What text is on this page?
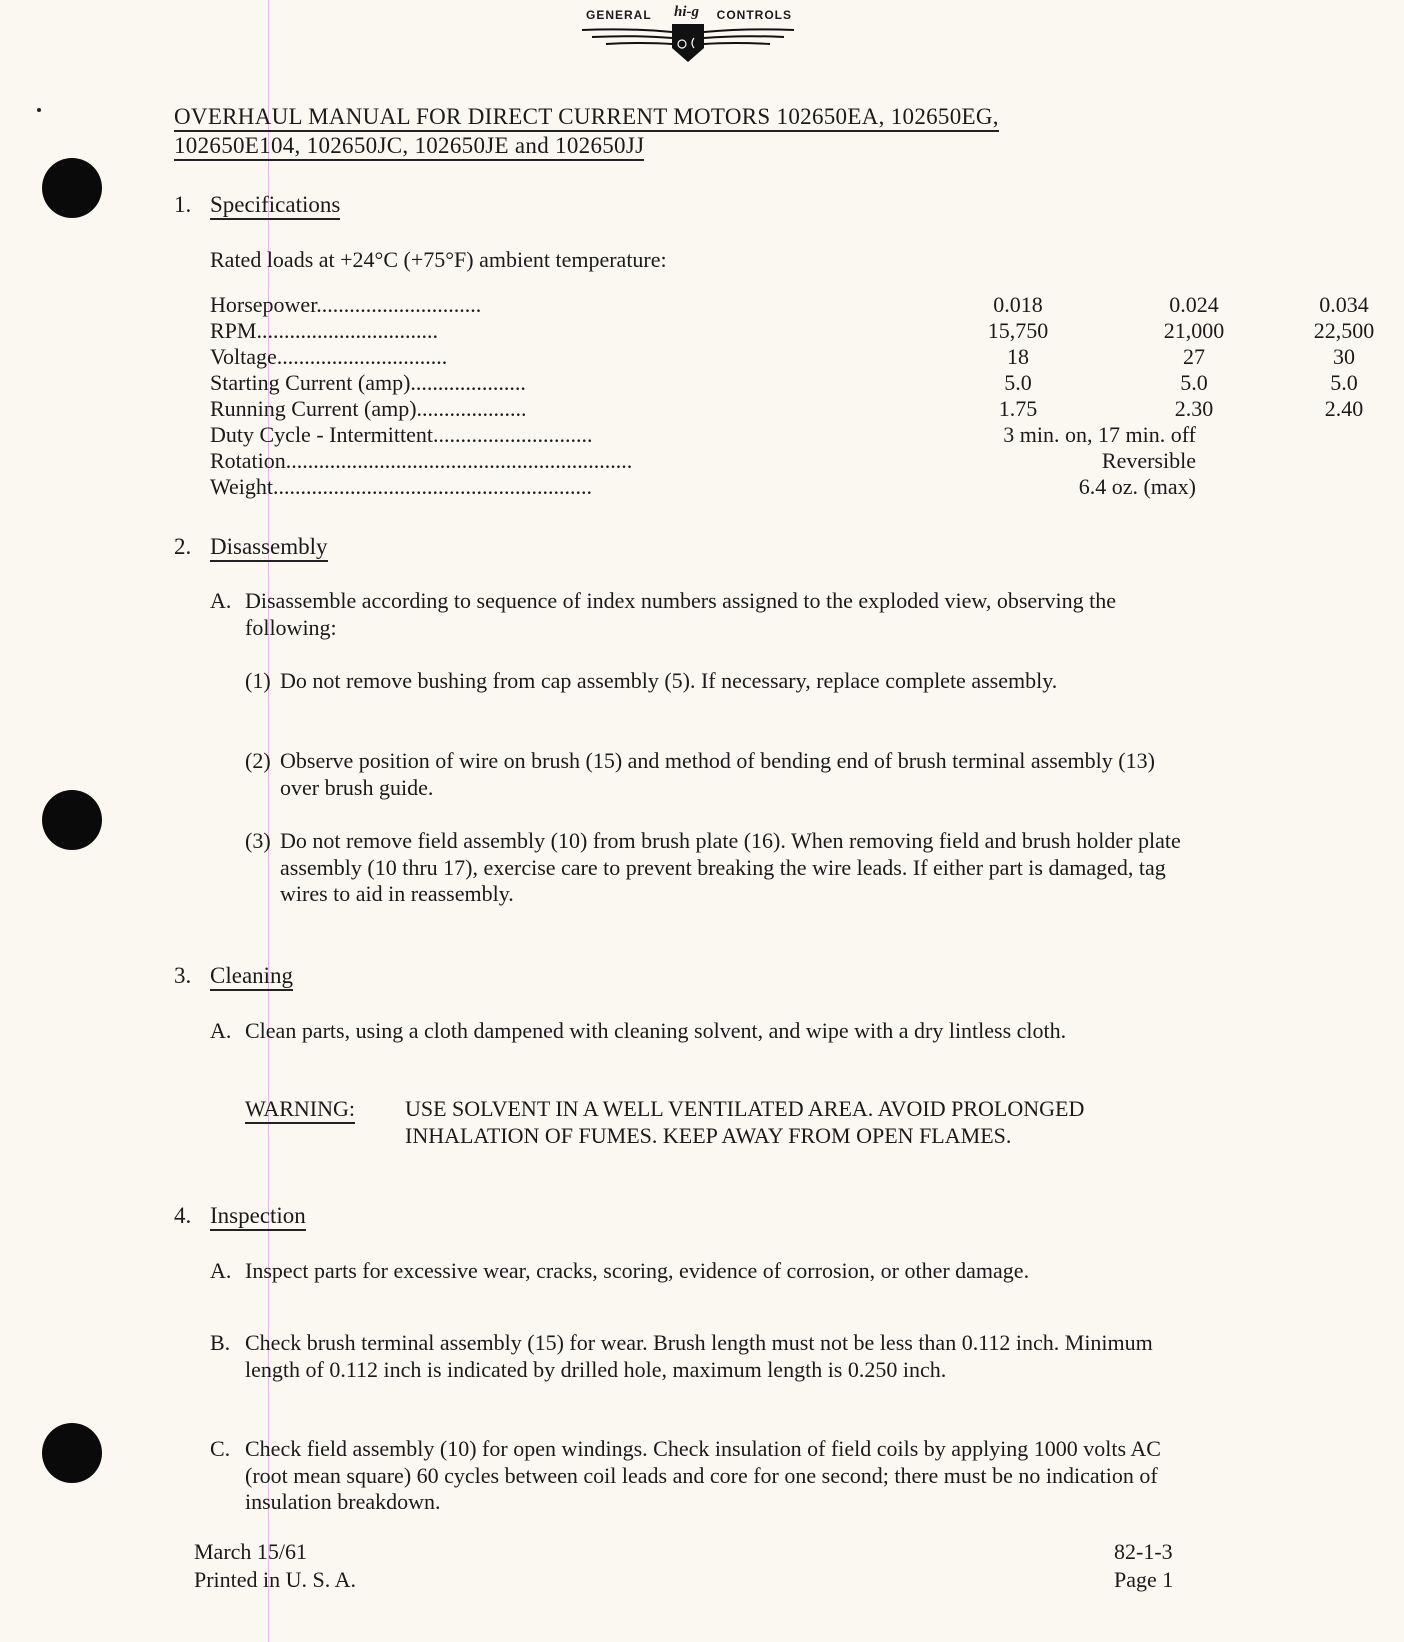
GENERAL hi-g CONTROLS
OVERHAUL MANUAL FOR DIRECT CURRENT MOTORS 102650EA, 102650EG,
102650E104, 102650JC, 102650JE and 102650JJ
1. Specifications
Rated loads at +24°C (+75°F) ambient temperature:
Horsepower..............................	0.018	0.024	0.034
RPM.................................	15,750	21,000	22,500
Voltage...............................	18	27	30
Starting Current (amp).....................	5.0	5.0	5.0
Running Current (amp)....................	1.75	2.30	2.40
Duty Cycle - Intermittent.............................	3 min. on, 17 min. off
Rotation...............................................................	Reversible
Weight..........................................................	6.4 oz. (max)
2. Disassembly
A. Disassemble according to sequence of index numbers assigned to the exploded view, observing the following:
(1) Do not remove bushing from cap assembly (5). If necessary, replace complete assembly.
(2) Observe position of wire on brush (15) and method of bending end of brush terminal assembly (13) over brush guide.
(3) Do not remove field assembly (10) from brush plate (16). When removing field and brush holder plate assembly (10 thru 17), exercise care to prevent breaking the wire leads. If either part is damaged, tag wires to aid in reassembly.
3. Cleaning
A. Clean parts, using a cloth dampened with cleaning solvent, and wipe with a dry lintless cloth.
WARNING: USE SOLVENT IN A WELL VENTILATED AREA. AVOID PROLONGED INHALATION OF FUMES. KEEP AWAY FROM OPEN FLAMES.
4. Inspection
A. Inspect parts for excessive wear, cracks, scoring, evidence of corrosion, or other damage.
B. Check brush terminal assembly (15) for wear. Brush length must not be less than 0.112 inch. Minimum length of 0.112 inch is indicated by drilled hole, maximum length is 0.250 inch.
C. Check field assembly (10) for open windings. Check insulation of field coils by applying 1000 volts AC (root mean square) 60 cycles between coil leads and core for one second; there must be no indication of insulation breakdown.
March 15/61
Printed in U. S. A.
82-1-3
Page 1
